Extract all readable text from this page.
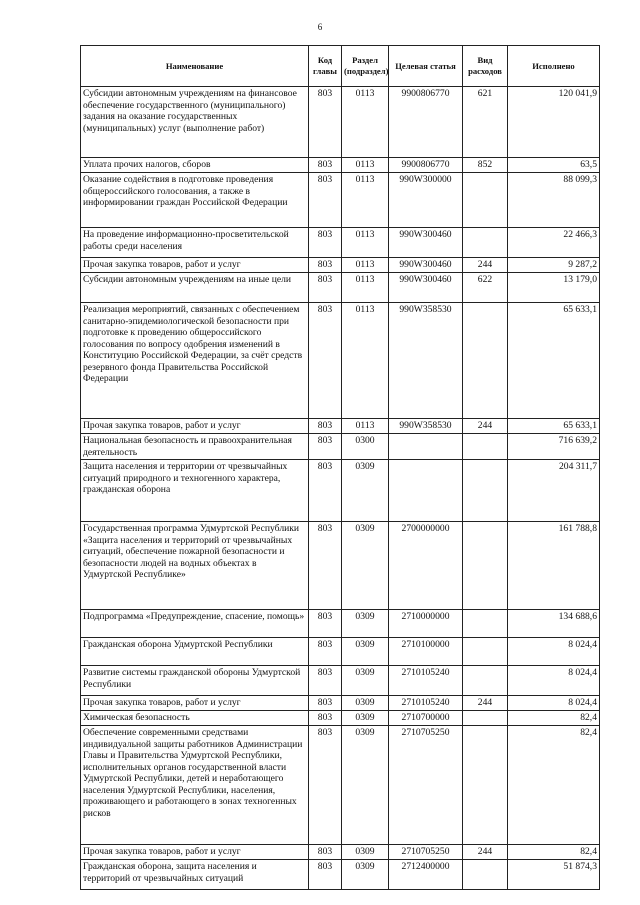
6
Наименование	Код главы	Раздел (подраздел)	Целевая статья	Вид расходов	Исполнено
Субсидии автономным учреждениям на финансовое обеспечение государственного (муниципального) задания на оказание государственных (муниципальных) услуг (выполнение работ)	803	0113	9900806770	621	120 041,9
Уплата прочих налогов, сборов	803	0113	9900806770	852	63,5
Оказание содействия в подготовке проведения общероссийского голосования, а также в информировании граждан Российской Федерации	803	0113	990W300000		88 099,3
На проведение информационно-просветительской работы среди населения	803	0113	990W300460		22 466,3
Прочая закупка товаров, работ и услуг	803	0113	990W300460	244	9 287,2
Субсидии автономным учреждениям на иные цели	803	0113	990W300460	622	13 179,0
Реализация мероприятий, связанных с обеспечением санитарно-эпидемиологической безопасности при подготовке к проведению общероссийского голосования по вопросу одобрения изменений в Конституцию Российской Федерации, за счёт средств резервного фонда Правительства Российской Федерации	803	0113	990W358530		65 633,1
Прочая закупка товаров, работ и услуг	803	0113	990W358530	244	65 633,1
Национальная безопасность и правоохранительная деятельность	803	0300			716 639,2
Защита населения и территории от чрезвычайных ситуаций природного и техногенного характера, гражданская оборона	803	0309			204 311,7
Государственная программа Удмуртской Республики «Защита населения и территорий от чрезвычайных ситуаций, обеспечение пожарной безопасности и безопасности людей на водных объектах в Удмуртской Республике»	803	0309	2700000000		161 788,8
Подпрограмма «Предупреждение, спасение, помощь»	803	0309	2710000000		134 688,6
Гражданская оборона Удмуртской Республики	803	0309	2710100000		8 024,4
Развитие системы гражданской обороны Удмуртской Республики	803	0309	2710105240		8 024,4
Прочая закупка товаров, работ и услуг	803	0309	2710105240	244	8 024,4
Химическая безопасность	803	0309	2710700000		82,4
Обеспечение современными средствами индивидуальной защиты работников Администрации Главы и Правительства Удмуртской Республики, исполнительных органов государственной власти Удмуртской Республики, детей и неработающего населения Удмуртской Республики, населения, проживающего и работающего в зонах техногенных рисков	803	0309	2710705250		82,4
Прочая закупка товаров, работ и услуг	803	0309	2710705250	244	82,4
Гражданская оборона, защита населения и территорий от чрезвычайных ситуаций	803	0309	2712400000		51 874,3
